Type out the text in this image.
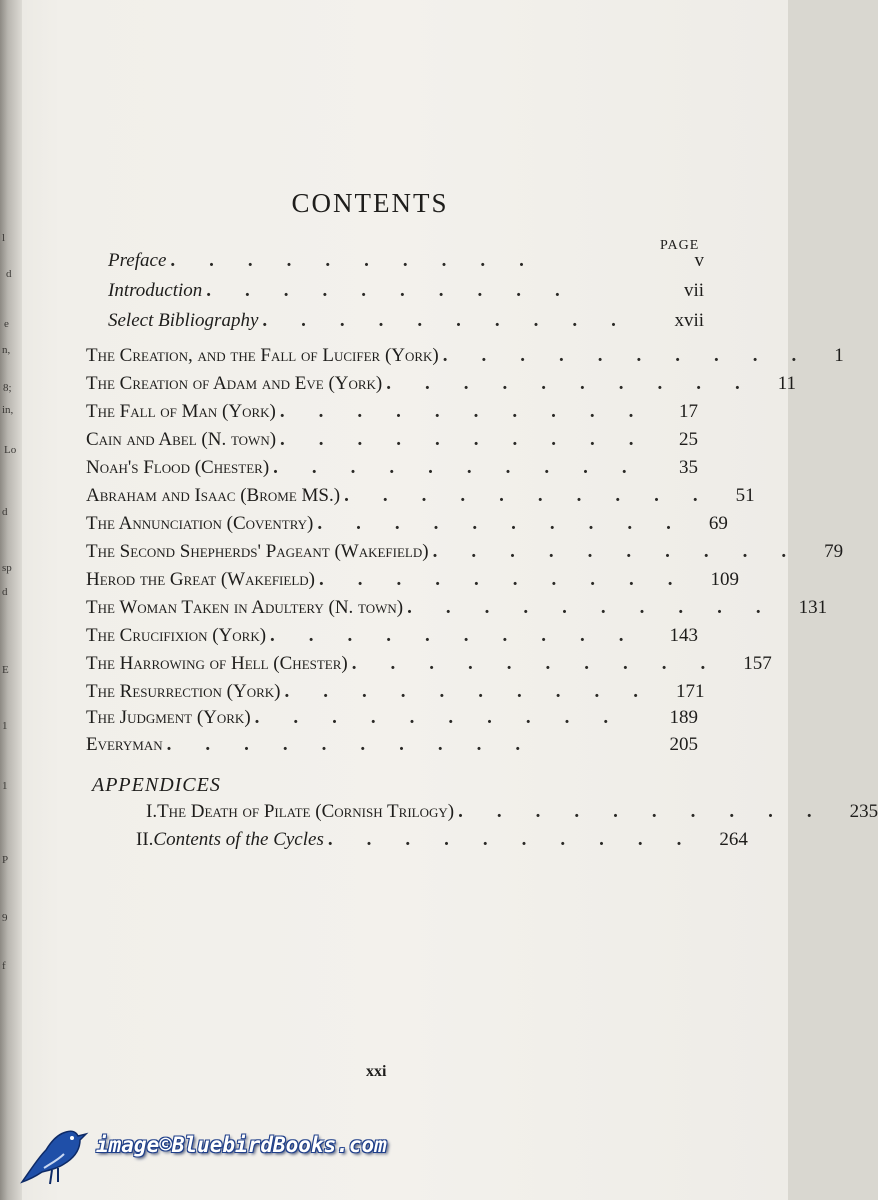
l
d
e
n,
8;
in,
Lo
d
sp
d
E
1
1
P
9
f
CONTENTS
PAGE
Preface ..........	v
Introduction ..........	vii
Select Bibliography ..........	xvii
The Creation, and the Fall of Lucifer (York) .......... 1
The Creation of Adam and Eve (York) .......... 11
The Fall of Man (York) .......... 17
Cain and Abel (N. town) .......... 25
Noah's Flood (Chester) .......... 35
Abraham and Isaac (Brome MS.) .......... 51
The Annunciation (Coventry) .......... 69
The Second Shepherds' Pageant (Wakefield) .......... 79
Herod the Great (Wakefield) .......... 109
The Woman Taken in Adultery (N. town) .......... 131
The Crucifixion (York) .......... 143
The Harrowing of Hell (Chester) .......... 157
The Resurrection (York) .......... 171
The Judgment (York) ..........	189
Everyman ..........	205
APPENDICES
I. The Death of Pilate (Cornish Trilogy) .......... 235
II. Contents of the Cycles .......... 264
xxi
image©BluebirdBooks.com
